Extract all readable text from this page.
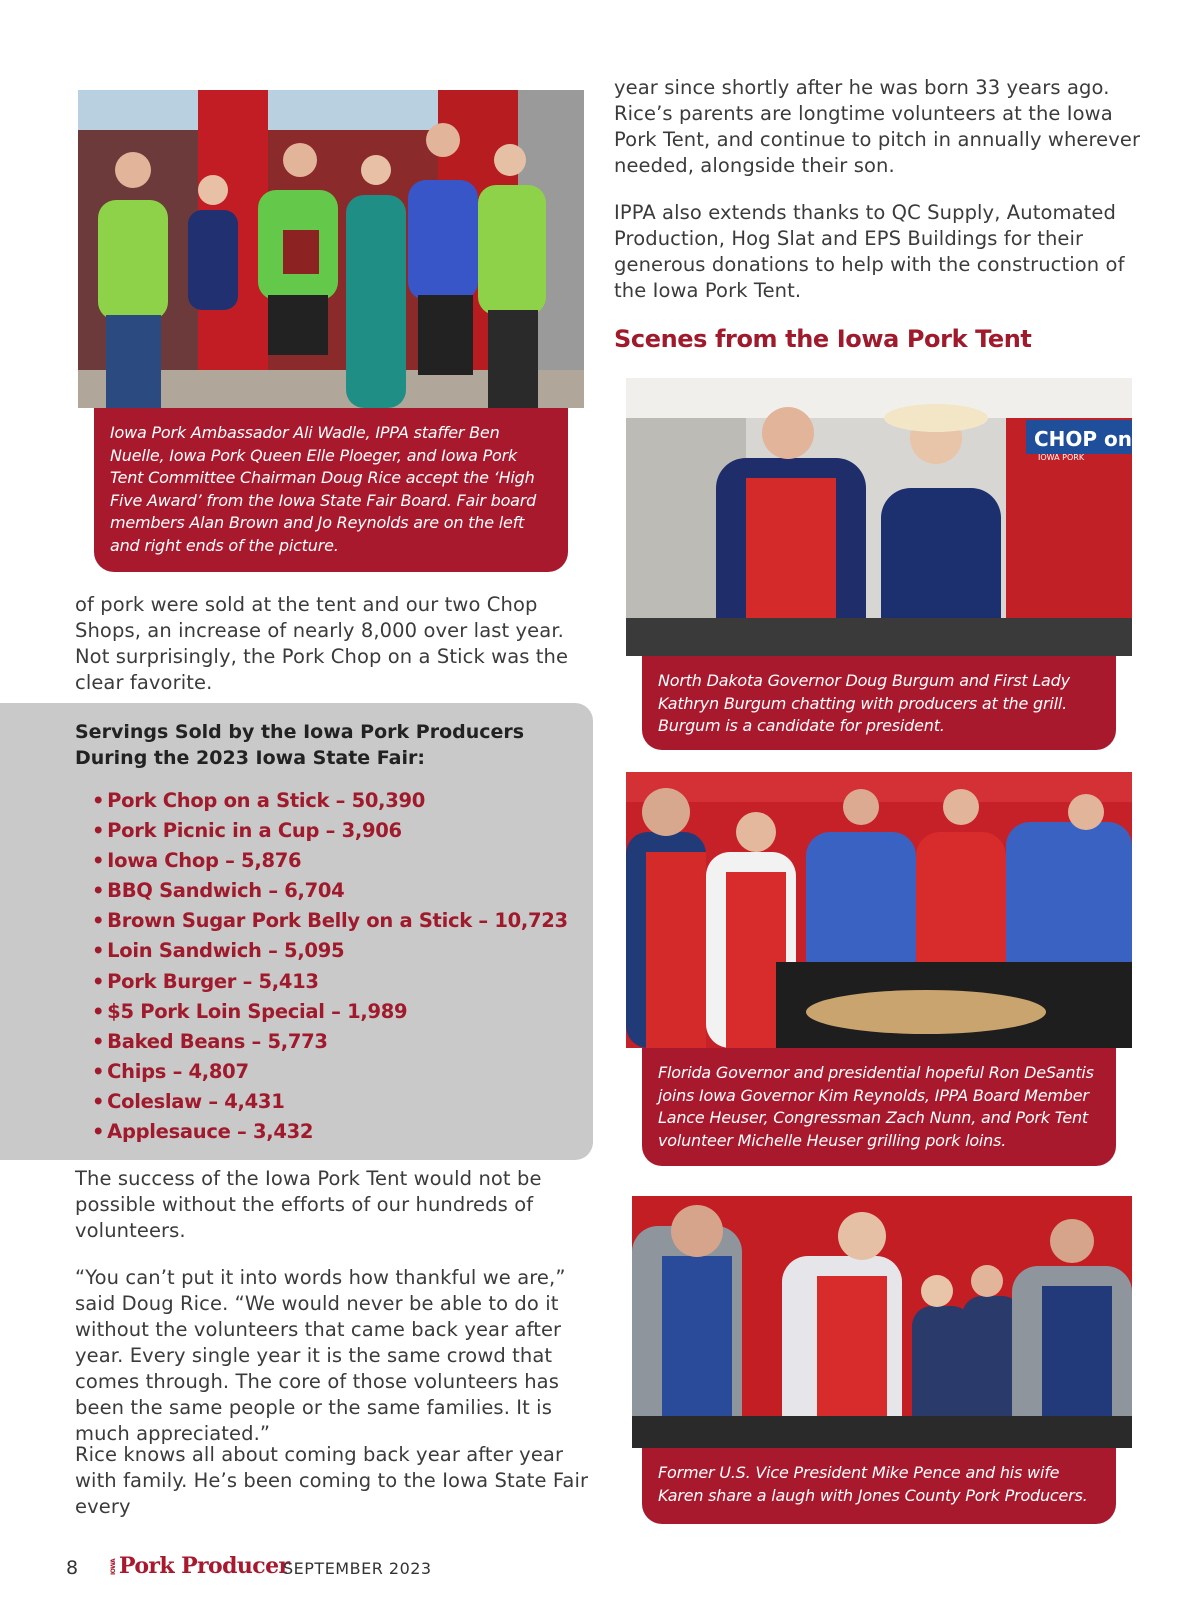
Iowa Pork Ambassador Ali Wadle, IPPA staffer Ben Nuelle, Iowa Pork Queen Elle Ploeger, and Iowa Pork Tent Committee Chairman Doug Rice accept the ‘High Five Award’ from the Iowa State Fair Board. Fair board members Alan Brown and Jo Reynolds are on the left and right ends of the picture.

year since shortly after he was born 33 years ago. Rice’s parents are longtime volunteers at the Iowa Pork Tent, and continue to pitch in annually wherever needed, alongside their son.

IPPA also extends thanks to QC Supply, Automated Production, Hog Slat and EPS Buildings for their generous donations to help with the construction of the Iowa Pork Tent.

Scenes from the Iowa Pork Tent
CHOP on A
IOWA PORK
North Dakota Governor Doug Burgum and First Lady Kathryn Burgum chatting with producers at the grill. Burgum is a candidate for president.
Florida Governor and presidential hopeful Ron DeSantis joins Iowa Governor Kim Reynolds, IPPA Board Member Lance Heuser, Congressman Zach Nunn, and Pork Tent volunteer Michelle Heuser grilling pork loins.
Former U.S. Vice President Mike Pence and his wife Karen share a laugh with Jones County Pork Producers.

of pork were sold at the tent and our two Chop Shops, an increase of nearly 8,000 over last year. Not surprisingly, the Pork Chop on a Stick was the clear favorite.

Servings Sold by the Iowa Pork Producers During the 2023 Iowa State Fair:
• Pork Chop on a Stick – 50,390
• Pork Picnic in a Cup – 3,906
• Iowa Chop – 5,876
• BBQ Sandwich – 6,704
• Brown Sugar Pork Belly on a Stick – 10,723
• Loin Sandwich – 5,095
• Pork Burger – 5,413
• $5 Pork Loin Special – 1,989
• Baked Beans – 5,773
• Chips – 4,807
• Coleslaw – 4,431
• Applesauce – 3,432

The success of the Iowa Pork Tent would not be possible without the efforts of our hundreds of volunteers.

“You can’t put it into words how thankful we are,” said Doug Rice. “We would never be able to do it without the volunteers that came back year after year. Every single year it is the same crowd that comes through. The core of those volunteers has been the same people or the same families. It is much appreciated.”

Rice knows all about coming back year after year with family. He’s been coming to the Iowa State Fair every

8	IOWAPork Producer
SEPTEMBER 2023
